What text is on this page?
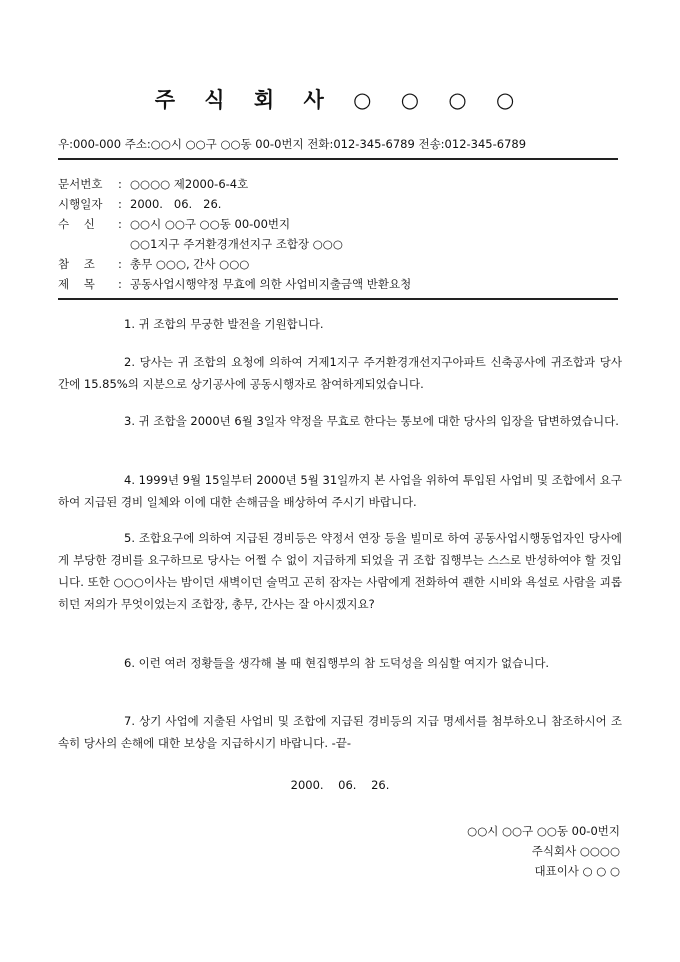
주 식 회 사 ○ ○ ○ ○
우:000-000 주소:○○시 ○○구 ○○동 00-0번지 전화:012-345-6789 전송:012-345-6789
문서번호 : ○○○○ 제2000-6-4호
시행일자 : 2000.   06.   26.
수    신 : ○○시 ○○구 ○○동 00-00번지
○○1지구 주거환경개선지구 조합장 ○○○
참    조 : 총무 ○○○, 간사 ○○○
제    목 : 공동사업시행약정 무효에 의한 사업비지출금액 반환요청

1. 귀 조합의 무궁한 발전을 기원합니다.

2. 당사는 귀 조합의 요청에 의하여 거제1지구 주거환경개선지구아파트 신축공사에 귀조합과 당사간에 15.85%의 지분으로 상기공사에 공동시행자로 참여하게되었습니다.

3. 귀 조합을 2000년 6월 3일자 약정을 무효로 한다는 통보에 대한 당사의 입장을 답변하였습니다.

4. 1999년 9월 15일부터 2000년 5월 31일까지 본 사업을 위하여 투입된 사업비 및 조합에서 요구하여 지급된 경비 일체와 이에 대한 손해금을 배상하여 주시기 바랍니다.

5. 조합요구에 의하여 지급된 경비등은 약정서 연장 등을 빌미로 하여 공동사업시행동업자인 당사에게 부당한 경비를 요구하므로 당사는 어쩔 수 없이 지급하게 되었을 귀 조합 집행부는 스스로 반성하여야 할 것입니다. 또한 ○○○이사는 밤이던 새벽이던 술먹고 곤히 잠자는 사람에게 전화하여 괜한 시비와 욕설로 사람을 괴롭히던 저의가 무엇이었는지 조합장, 총무, 간사는 잘 아시겠지요?

6. 이런 여러 정황들을 생각해 볼 때 현집행부의 참 도덕성을 의심할 여지가 없습니다.

7. 상기 사업에 지출된 사업비 및 조합에 지급된 경비등의 지급 명세서를 첨부하오니 참조하시어 조속히 당사의 손해에 대한 보상을 지급하시기 바랍니다. -끝-

2000.    06.    26.
○○시 ○○구 ○○동 00-0번지
주식회사 ○○○○
대표이사 ○ ○ ○
